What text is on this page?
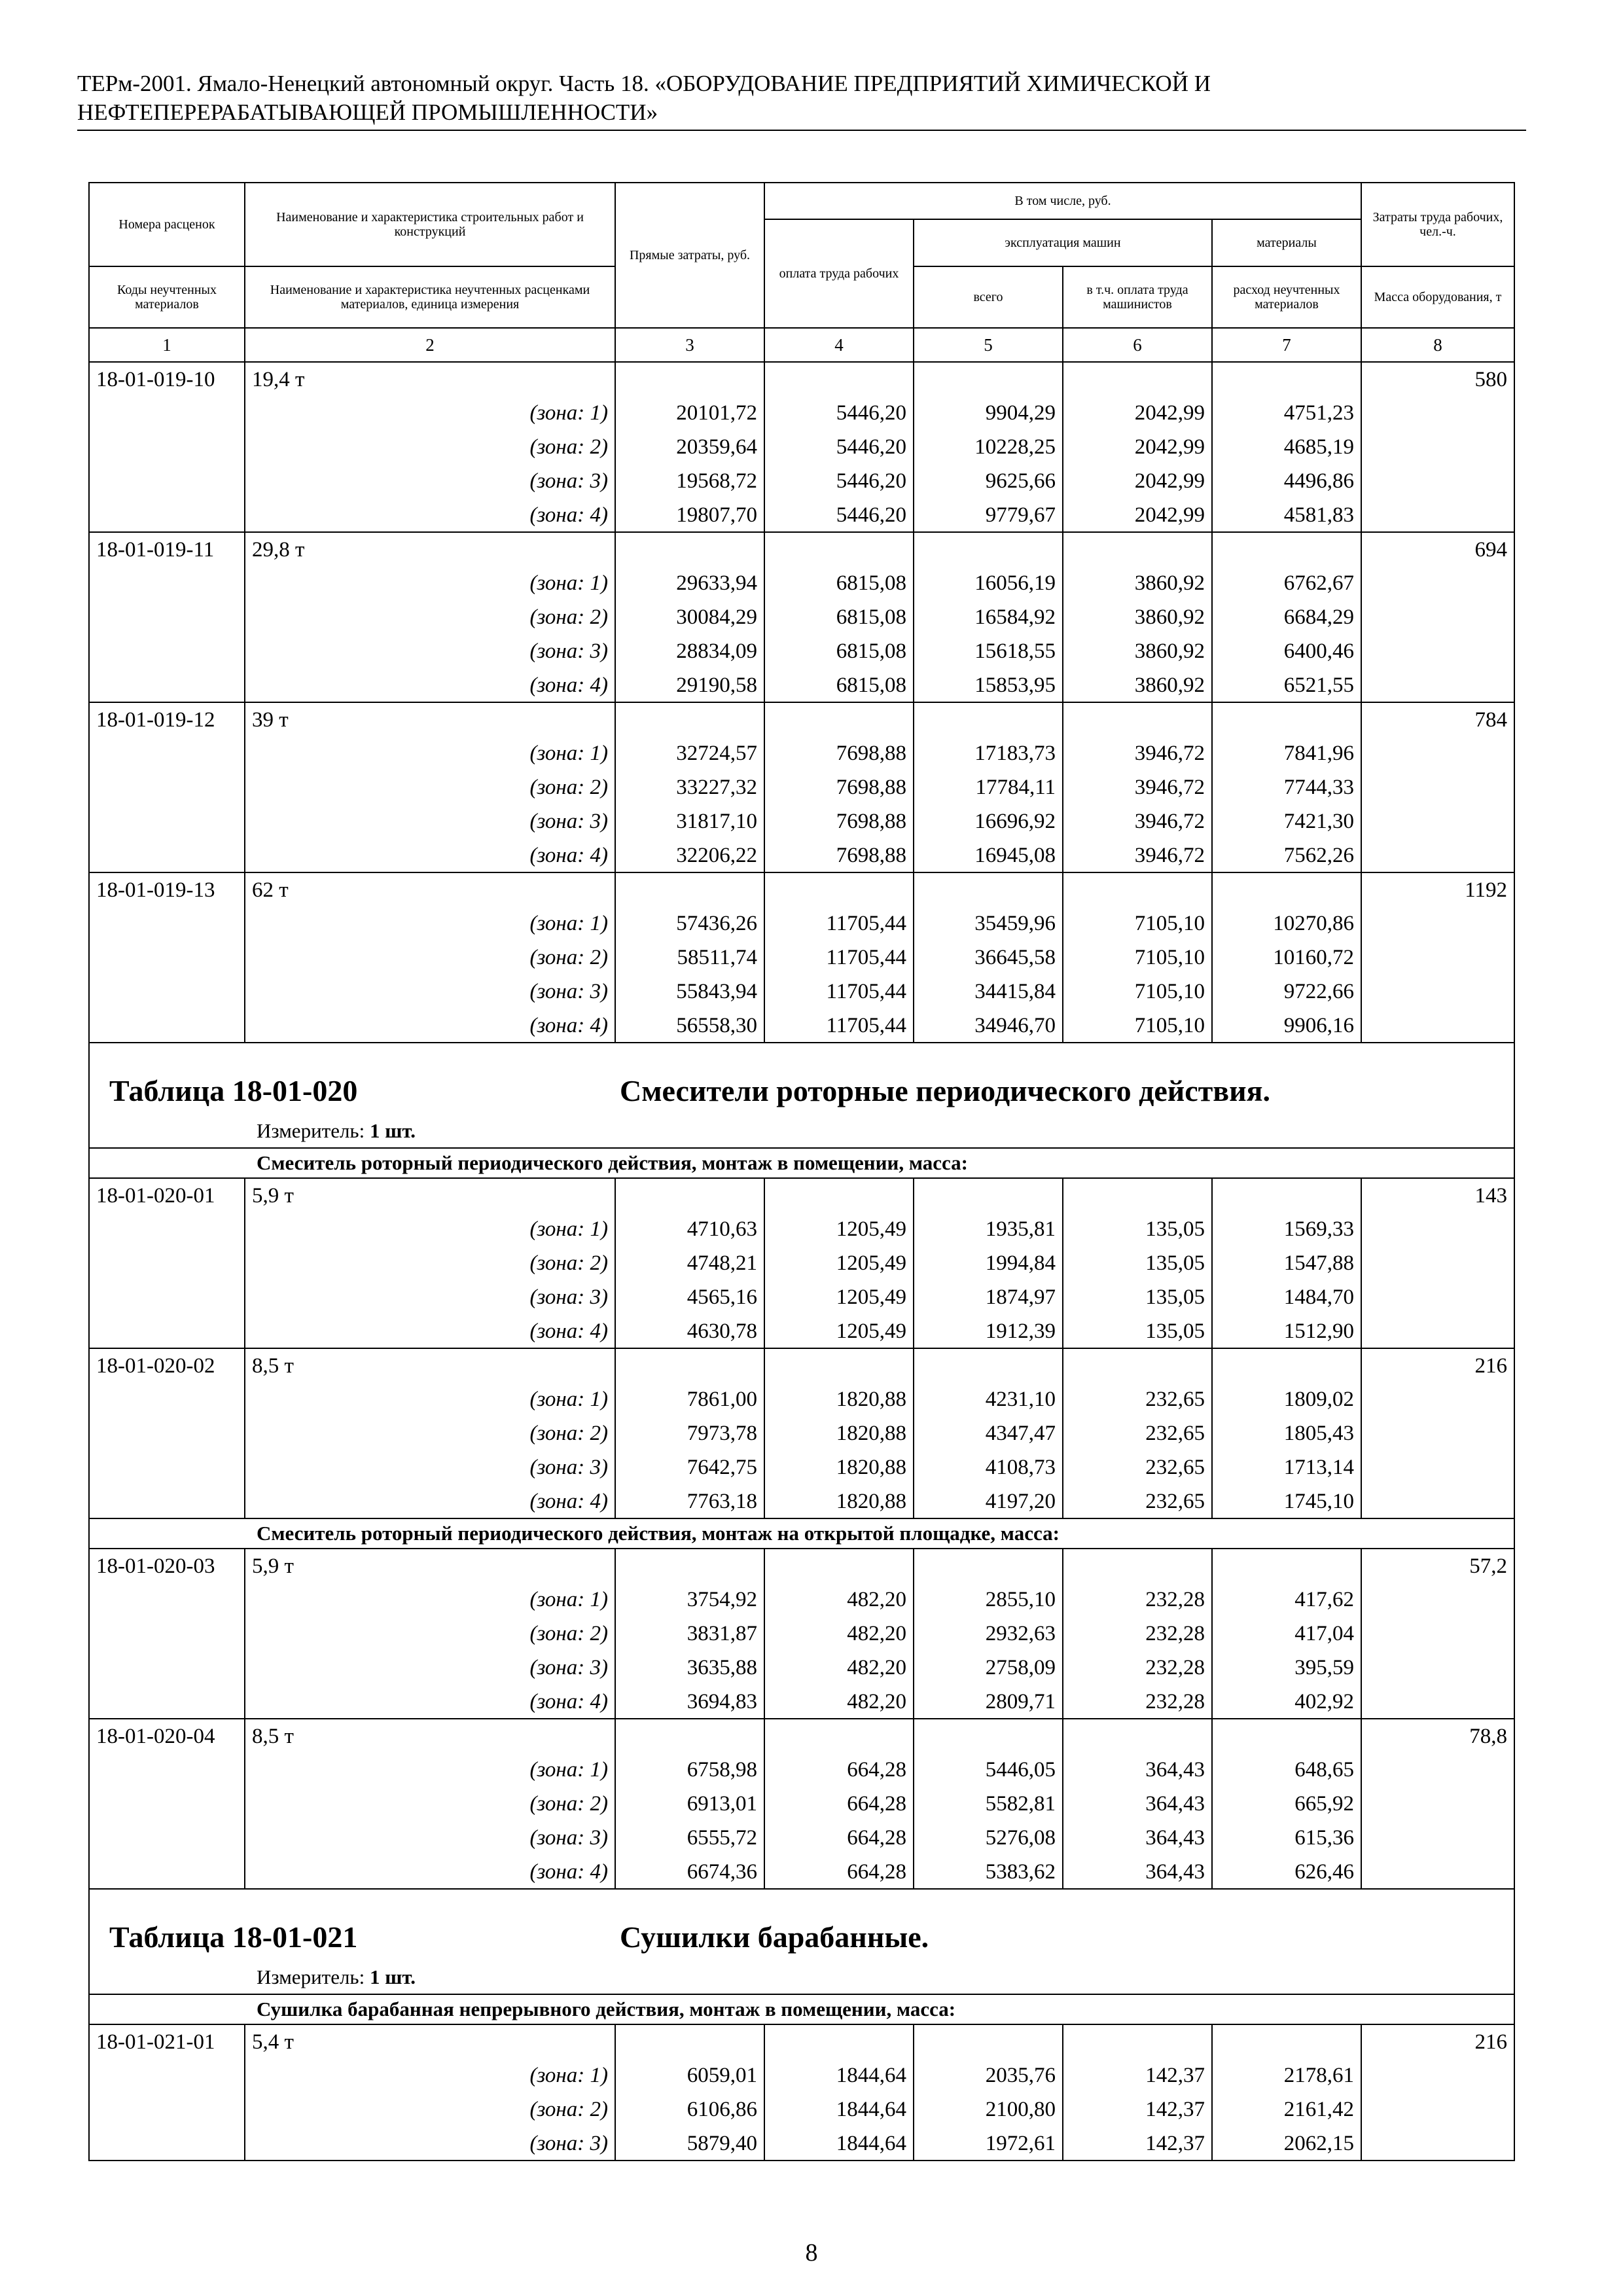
ТЕРм-2001. Ямало-Ненецкий автономный округ. Часть 18. «ОБОРУДОВАНИЕ ПРЕДПРИЯТИЙ ХИМИЧЕСКОЙ И
НЕФТЕПЕРЕРАБАТЫВАЮЩЕЙ ПРОМЫШЛЕННОСТИ»
Номера расценок	Наименование и характеристика строительных работ и конструкций	Прямые затраты, руб.	В том числе, руб.				Затраты труда рабочих, чел.-ч.
			оплата труда рабочих	эксплуатация машин		материалы	
Коды неучтенных материалов	Наименование и характеристика неучтенных расценками материалов, единица измерения			всего	в т.ч. оплата труда машинистов	расход неучтенных материалов	Масса оборудования, т
1	2	3	4	5	6	7	8
18-01-019-10	19,4 т						580
	(зона: 1)	20101,72	5446,20	9904,29	2042,99	4751,23	
	(зона: 2)	20359,64	5446,20	10228,25	2042,99	4685,19	
	(зона: 3)	19568,72	5446,20	9625,66	2042,99	4496,86	
	(зона: 4)	19807,70	5446,20	9779,67	2042,99	4581,83	
18-01-019-11	29,8 т						694
	(зона: 1)	29633,94	6815,08	16056,19	3860,92	6762,67	
	(зона: 2)	30084,29	6815,08	16584,92	3860,92	6684,29	
	(зона: 3)	28834,09	6815,08	15618,55	3860,92	6400,46	
	(зона: 4)	29190,58	6815,08	15853,95	3860,92	6521,55	
18-01-019-12	39 т						784
	(зона: 1)	32724,57	7698,88	17183,73	3946,72	7841,96	
	(зона: 2)	33227,32	7698,88	17784,11	3946,72	7744,33	
	(зона: 3)	31817,10	7698,88	16696,92	3946,72	7421,30	
	(зона: 4)	32206,22	7698,88	16945,08	3946,72	7562,26	
18-01-019-13	62 т						1192
	(зона: 1)	57436,26	11705,44	35459,96	7105,10	10270,86	
	(зона: 2)	58511,74	11705,44	36645,58	7105,10	10160,72	
	(зона: 3)	55843,94	11705,44	34415,84	7105,10	9722,66	
	(зона: 4)	56558,30	11705,44	34946,70	7105,10	9906,16	
Таблица 18-01-020 Смесители роторные периодического действия.							
Измеритель: 1 шт.							
Смеситель роторный периодического действия, монтаж в помещении, масса:							
18-01-020-01	5,9 т						143
	(зона: 1)	4710,63	1205,49	1935,81	135,05	1569,33	
	(зона: 2)	4748,21	1205,49	1994,84	135,05	1547,88	
	(зона: 3)	4565,16	1205,49	1874,97	135,05	1484,70	
	(зона: 4)	4630,78	1205,49	1912,39	135,05	1512,90	
18-01-020-02	8,5 т						216
	(зона: 1)	7861,00	1820,88	4231,10	232,65	1809,02	
	(зона: 2)	7973,78	1820,88	4347,47	232,65	1805,43	
	(зона: 3)	7642,75	1820,88	4108,73	232,65	1713,14	
	(зона: 4)	7763,18	1820,88	4197,20	232,65	1745,10	
Смеситель роторный периодического действия, монтаж на открытой площадке, масса:							
18-01-020-03	5,9 т						57,2
	(зона: 1)	3754,92	482,20	2855,10	232,28	417,62	
	(зона: 2)	3831,87	482,20	2932,63	232,28	417,04	
	(зона: 3)	3635,88	482,20	2758,09	232,28	395,59	
	(зона: 4)	3694,83	482,20	2809,71	232,28	402,92	
18-01-020-04	8,5 т						78,8
	(зона: 1)	6758,98	664,28	5446,05	364,43	648,65	
	(зона: 2)	6913,01	664,28	5582,81	364,43	665,92	
	(зона: 3)	6555,72	664,28	5276,08	364,43	615,36	
	(зона: 4)	6674,36	664,28	5383,62	364,43	626,46	
Таблица 18-01-021 Сушилки барабанные.							
Измеритель: 1 шт.							
Сушилка барабанная непрерывного действия, монтаж в помещении, масса:							
18-01-021-01	5,4 т						216
	(зона: 1)	6059,01	1844,64	2035,76	142,37	2178,61	
	(зона: 2)	6106,86	1844,64	2100,80	142,37	2161,42	
	(зона: 3)	5879,40	1844,64	1972,61	142,37	2062,15	
8
